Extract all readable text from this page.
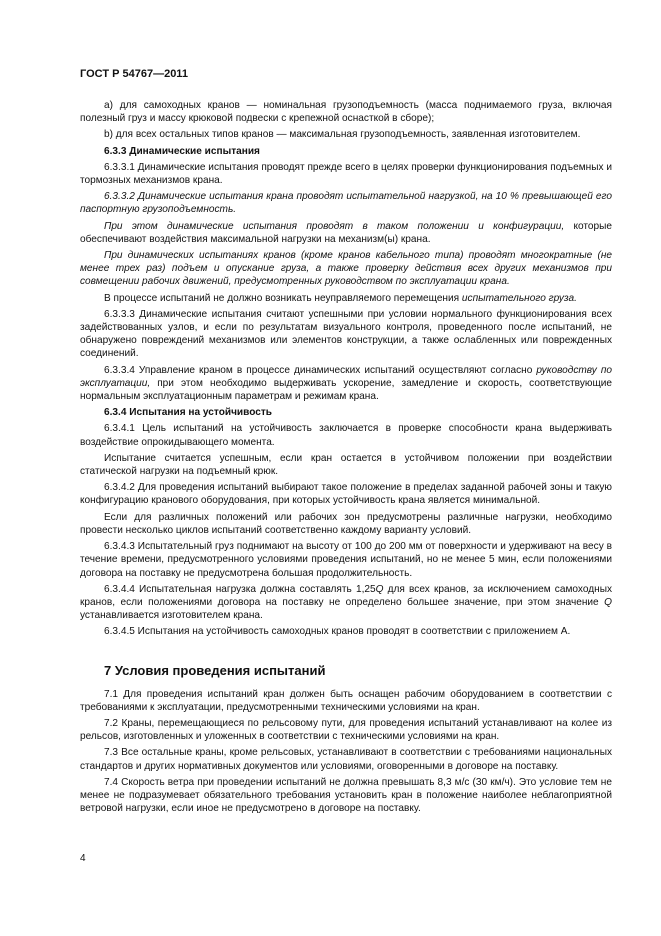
ГОСТ Р 54767—2011

а) для самоходных кранов — номинальная грузоподъемность (масса поднимаемого груза, включая полезный груз и массу крюковой подвески с крепежной оснасткой в сборе);

b) для всех остальных типов кранов — максимальная грузоподъемность, заявленная изготовителем.

6.3.3 Динамические испытания

6.3.3.1 Динамические испытания проводят прежде всего в целях проверки функционирования подъемных и тормозных механизмов крана.

6.3.3.2 Динамические испытания крана проводят испытательной нагрузкой, на 10 % превышающей его паспортную грузоподъемность.

При этом динамические испытания проводят в таком положении и конфигурации, которые обеспечивают воздействия максимальной нагрузки на механизм(ы) крана.

При динамических испытаниях кранов (кроме кранов кабельного типа) проводят многократные (не менее трех раз) подъем и опускание груза, а также проверку действия всех других механизмов при совмещении рабочих движений, предусмотренных руководством по эксплуатации крана.

В процессе испытаний не должно возникать неуправляемого перемещения испытательного груза.

6.3.3.3 Динамические испытания считают успешными при условии нормального функционирования всех задействованных узлов, и если по результатам визуального контроля, проведенного после испытаний, не обнаружено повреждений механизмов или элементов конструкции, а также ослабленных или поврежденных соединений.

6.3.3.4 Управление краном в процессе динамических испытаний осуществляют согласно руководству по эксплуатации, при этом необходимо выдерживать ускорение, замедление и скорость, соответствующие нормальным эксплуатационным параметрам и режимам крана.

6.3.4 Испытания на устойчивость

6.3.4.1 Цель испытаний на устойчивость заключается в проверке способности крана выдерживать воздействие опрокидывающего момента.

Испытание считается успешным, если кран остается в устойчивом положении при воздействии статической нагрузки на подъемный крюк.

6.3.4.2 Для проведения испытаний выбирают такое положение в пределах заданной рабочей зоны и такую конфигурацию кранового оборудования, при которых устойчивость крана является минимальной.

Если для различных положений или рабочих зон предусмотрены различные нагрузки, необходимо провести несколько циклов испытаний соответственно каждому варианту условий.

6.3.4.3 Испытательный груз поднимают на высоту от 100 до 200 мм от поверхности и удерживают на весу в течение времени, предусмотренного условиями проведения испытаний, но не менее 5 мин, если положениями договора на поставку не предусмотрена большая продолжительность.

6.3.4.4 Испытательная нагрузка должна составлять 1,25Q для всех кранов, за исключением самоходных кранов, если положениями договора на поставку не определено большее значение, при этом значение Q устанавливается изготовителем крана.

6.3.4.5 Испытания на устойчивость самоходных кранов проводят в соответствии с приложением А.

7 Условия проведения испытаний

7.1 Для проведения испытаний кран должен быть оснащен рабочим оборудованием в соответствии с требованиями к эксплуатации, предусмотренными техническими условиями на кран.

7.2 Краны, перемещающиеся по рельсовому пути, для проведения испытаний устанавливают на колее из рельсов, изготовленных и уложенных в соответствии с техническими условиями на кран.

7.3 Все остальные краны, кроме рельсовых, устанавливают в соответствии с требованиями национальных стандартов и других нормативных документов или условиями, оговоренными в договоре на поставку.

7.4 Скорость ветра при проведении испытаний не должна превышать 8,3 м/с (30 км/ч). Это условие тем не менее не подразумевает обязательного требования установить кран в положение наиболее неблагоприятной ветровой нагрузки, если иное не предусмотрено в договоре на поставку.

4
